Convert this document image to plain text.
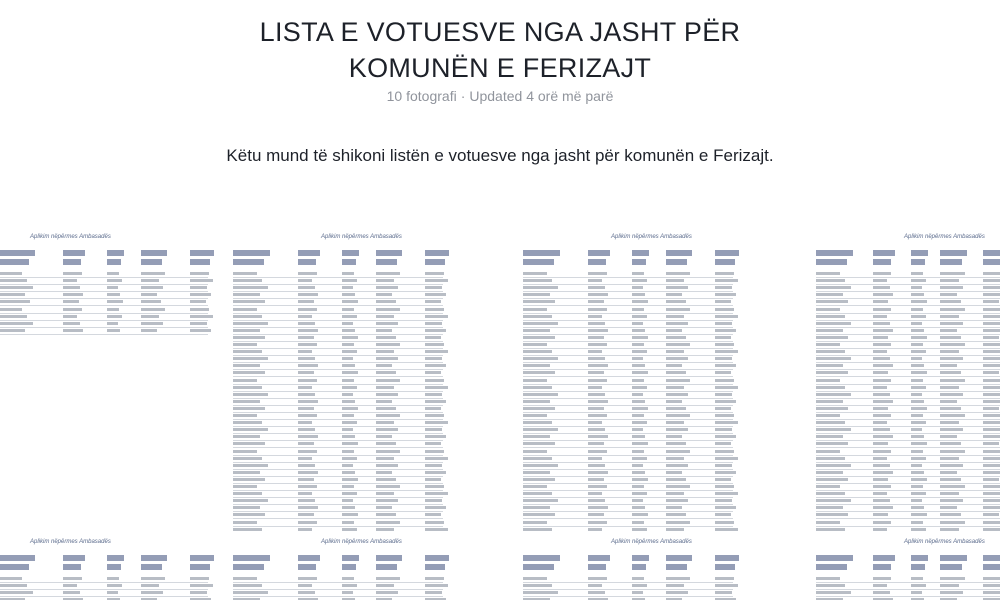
LISTA E VOTUESVE NGA JASHT PËR
KOMUNËN E FERIZAJT
10 fotografi · Updated 4 orë më parë
Këtu mund të shikoni listën e votuesve nga jasht për komunën e Ferizajt.
Aplikim nëpërmes Ambasadës	Aplikim nëpërmes Ambasadës	Aplikim nëpërmes Ambasadës	Aplikim nëpërmes Ambasadës
Aplikim nëpërmes Ambasadës	Aplikim nëpërmes Ambasadës	Aplikim nëpërmes Ambasadës	Aplikim nëpërmes Ambasadës
